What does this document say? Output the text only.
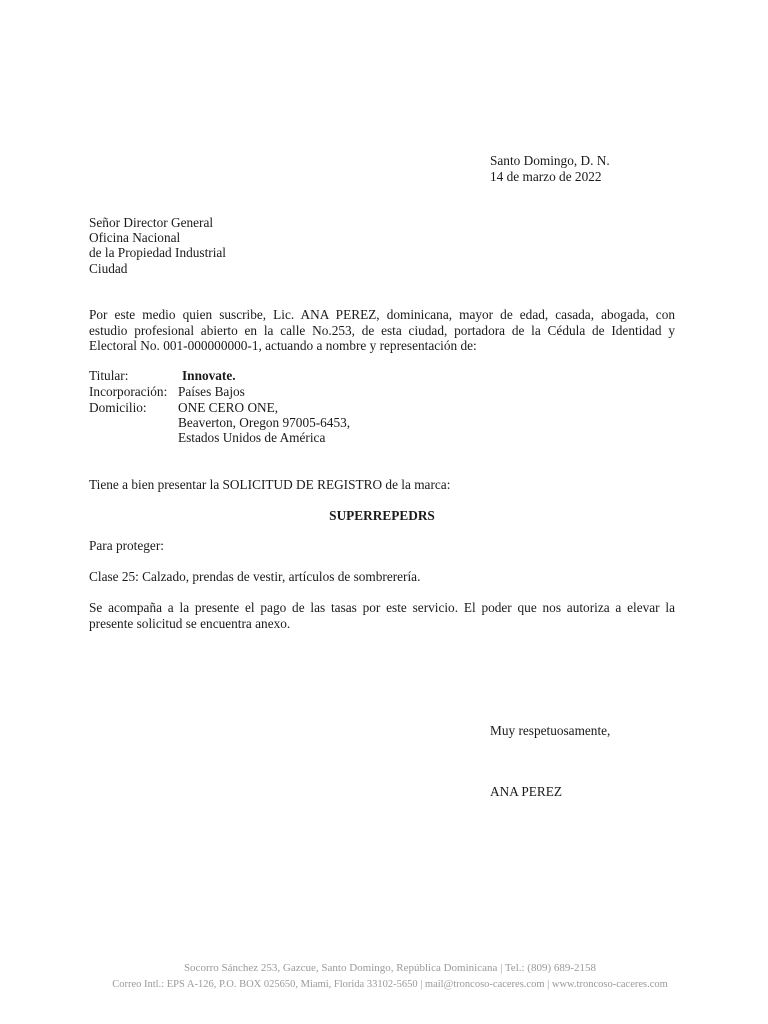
Santo Domingo, D. N.
14 de marzo de 2022
Señor Director General
Oficina Nacional
de la Propiedad Industrial
Ciudad
Por este medio quien suscribe, Lic. ANA PEREZ, dominicana, mayor de edad, casada, abogada, con
estudio profesional abierto en la calle No.253, de esta ciudad, portadora de la Cédula de Identidad y
Electoral No. 001-000000000-1, actuando a nombre y representación de:
Titular:	Innovate.
Incorporación: Países Bajos
Domicilio: ONE CERO ONE,
Beaverton, Oregon 97005-6453,
Estados Unidos de América
Tiene a bien presentar la SOLICITUD DE REGISTRO de la marca:
SUPERREPEDRS
Para proteger:
Clase 25: Calzado, prendas de vestir, artículos de sombrerería.
Se acompaña a la presente el pago de las tasas por este servicio. El poder que nos autoriza a elevar la
presente solicitud se encuentra anexo.
Muy respetuosamente,
ANA PEREZ
Socorro Sánchez 253, Gazcue, Santo Domingo, República Dominicana | Tel.: (809) 689-2158
Correo Intl.: EPS A-126, P.O. BOX 025650, Miami, Florida 33102-5650 | mail@troncoso-caceres.com | www.troncoso-caceres.com
